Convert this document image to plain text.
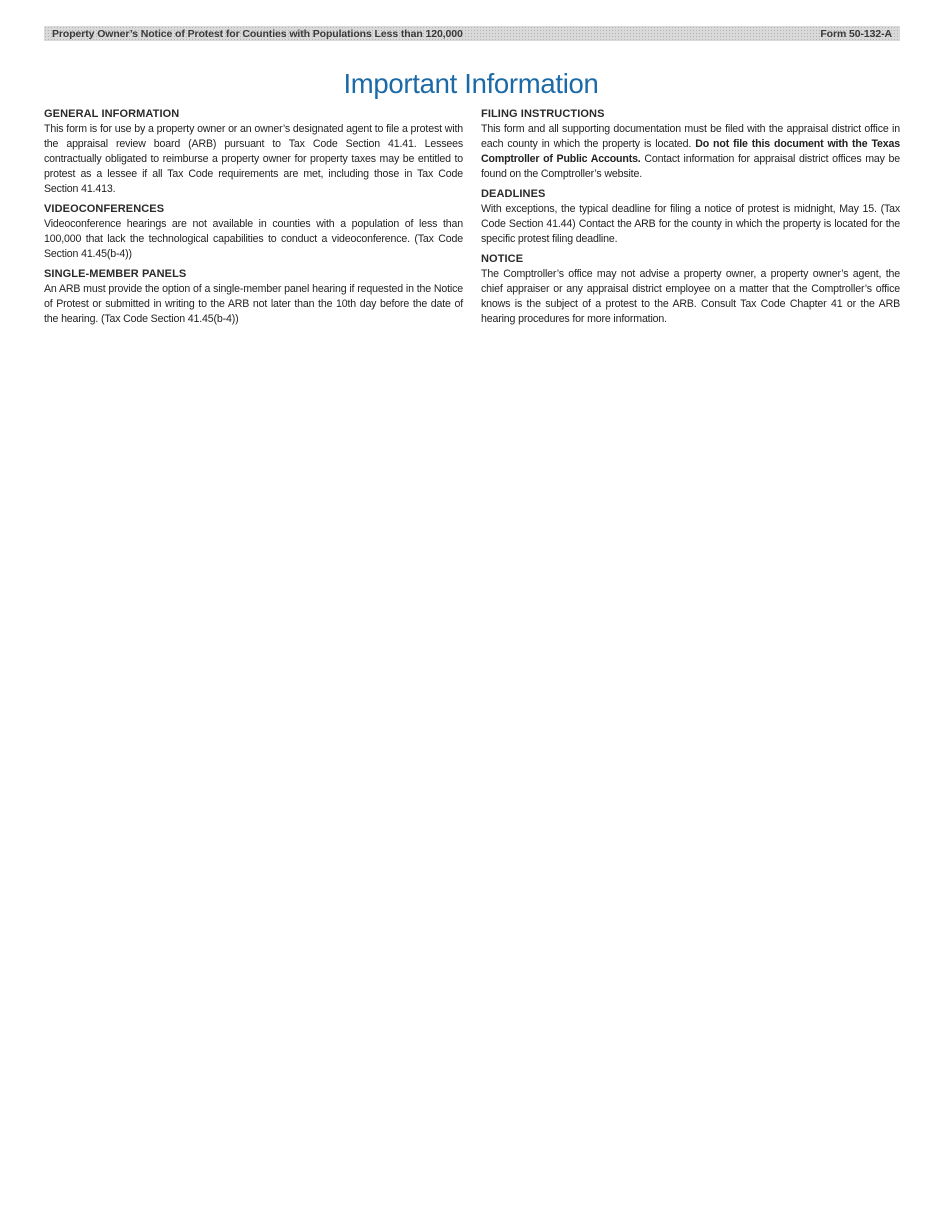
Property Owner’s Notice of Protest for Counties with Populations Less than 120,000	Form 50-132-A
Important Information
GENERAL INFORMATION

This form is for use by a property owner or an owner’s designated agent to file a protest with the appraisal review board (ARB) pursuant to Tax Code Section 41.41. Lessees contractually obligated to reimburse a property owner for property taxes may be entitled to protest as a lessee if all Tax Code requirements are met, including those in Tax Code Section 41.413.

VIDEOCONFERENCES

Videoconference hearings are not available in counties with a population of less than 100,000 that lack the technological capabilities to conduct a videoconference. (Tax Code Section 41.45(b-4))

SINGLE-MEMBER PANELS

An ARB must provide the option of a single-member panel hearing if requested in the Notice of Protest or submitted in writing to the ARB not later than the 10th day before the date of the hearing. (Tax Code Section 41.45(b-4))

FILING INSTRUCTIONS

This form and all supporting documentation must be filed with the appraisal district office in each county in which the property is located. Do not file this document with the Texas Comptroller of Public Accounts. Contact information for appraisal district offices may be found on the Comptroller’s website.

DEADLINES

With exceptions, the typical deadline for filing a notice of protest is midnight, May 15. (Tax Code Section 41.44) Contact the ARB for the county in which the property is located for the specific protest filing deadline.

NOTICE

The Comptroller’s office may not advise a property owner, a property owner’s agent, the chief appraiser or any appraisal district employee on a matter that the Comptroller’s office knows is the subject of a protest to the ARB. Consult Tax Code Chapter 41 or the ARB hearing procedures for more information.
